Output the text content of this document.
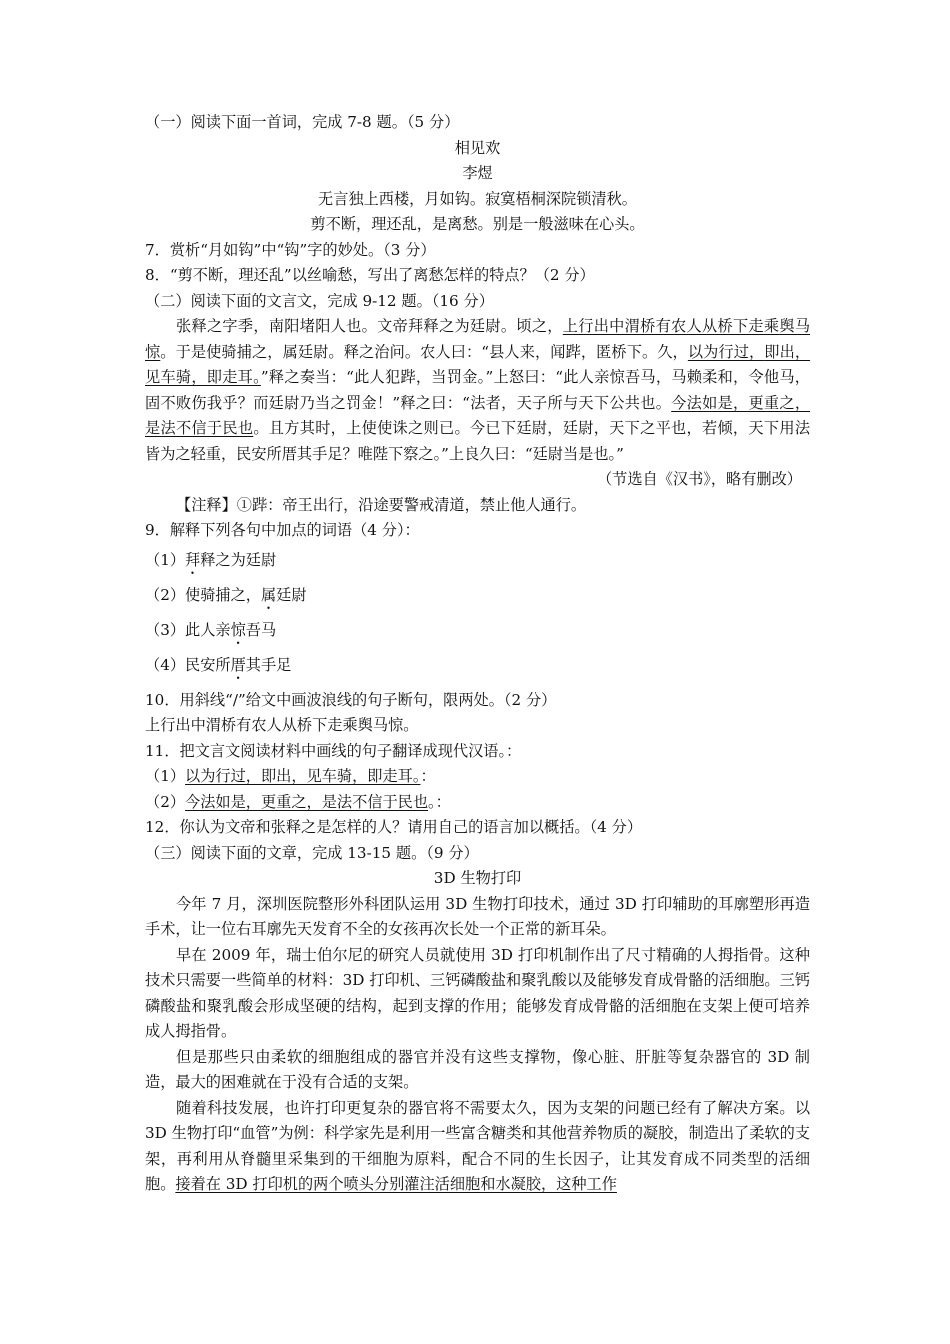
（一）阅读下面一首词，完成 7-8 题。（5 分）
相见欢
李煜
无言独上西楼，月如钩。寂寞梧桐深院锁清秋。
剪不断，理还乱，是离愁。别是一般滋味在心头。
7．赏析“月如钩”中“钩”字的妙处。（3 分）
8．“剪不断，理还乱”以丝喻愁，写出了离愁怎样的特点？（2 分）
（二）阅读下面的文言文，完成 9-12 题。（16 分）
张释之字季，南阳堵阳人也。文帝拜释之为廷尉。顷之，上行出中渭桥有农人从桥下走乘舆马惊。于是使骑捕之，属廷尉。释之治问。农人曰：“县人来，闻跸，匿桥下。久，以为行过，即出，见车骑，即走耳。”释之奏当：“此人犯跸，当罚金。”上怒曰：“此人亲惊吾马，马赖柔和，令他马，固不败伤我乎？而廷尉乃当之罚金！”释之曰：“法者，天子所与天下公共也。今法如是，更重之，是法不信于民也。且方其时，上使使诛之则已。今已下廷尉，廷尉，天下之平也，若倾，天下用法皆为之轻重，民安所厝其手足？唯陛下察之。”上良久曰：“廷尉当是也。”
（节选自《汉书》，略有删改）
【注释】①跸：帝王出行，沿途要警戒清道，禁止他人通行。
9．解释下列各句中加点的词语（4 分）：
（1）拜释之为廷尉
（2）使骑捕之，属廷尉
（3）此人亲惊吾马
（4）民安所厝其手足
10．用斜线“/”给文中画波浪线的句子断句，限两处。（2 分）
上行出中渭桥有农人从桥下走乘舆马惊。
11．把文言文阅读材料中画线的句子翻译成现代汉语。：
（1）以为行过，即出，见车骑，即走耳。：
（2）今法如是，更重之，是法不信于民也。：
12．你认为文帝和张释之是怎样的人？请用自己的语言加以概括。（4 分）
（三）阅读下面的文章，完成 13-15 题。（9 分）
3D 生物打印
今年 7 月，深圳医院整形外科团队运用 3D 生物打印技术，通过 3D 打印辅助的耳廓塑形再造手术，让一位右耳廓先天发育不全的女孩再次长处一个正常的新耳朵。
早在 2009 年，瑞士伯尔尼的研究人员就使用 3D 打印机制作出了尺寸精确的人拇指骨。这种技术只需要一些简单的材料：3D 打印机、三钙磷酸盐和聚乳酸以及能够发育成骨骼的活细胞。三钙磷酸盐和聚乳酸会形成坚硬的结构，起到支撑的作用；能够发育成骨骼的活细胞在支架上便可培养成人拇指骨。
但是那些只由柔软的细胞组成的器官并没有这些支撑物，像心脏、肝脏等复杂器官的 3D 制造，最大的困难就在于没有合适的支架。
随着科技发展，也许打印更复杂的器官将不需要太久，因为支架的问题已经有了解决方案。以 3D 生物打印“血管”为例：科学家先是利用一些富含糖类和其他营养物质的凝胶，制造出了柔软的支架，再利用从脊髓里采集到的干细胞为原料，配合不同的生长因子，让其发育成不同类型的活细胞。接着在 3D 打印机的两个喷头分别灌注活细胞和水凝胶，这种工作
